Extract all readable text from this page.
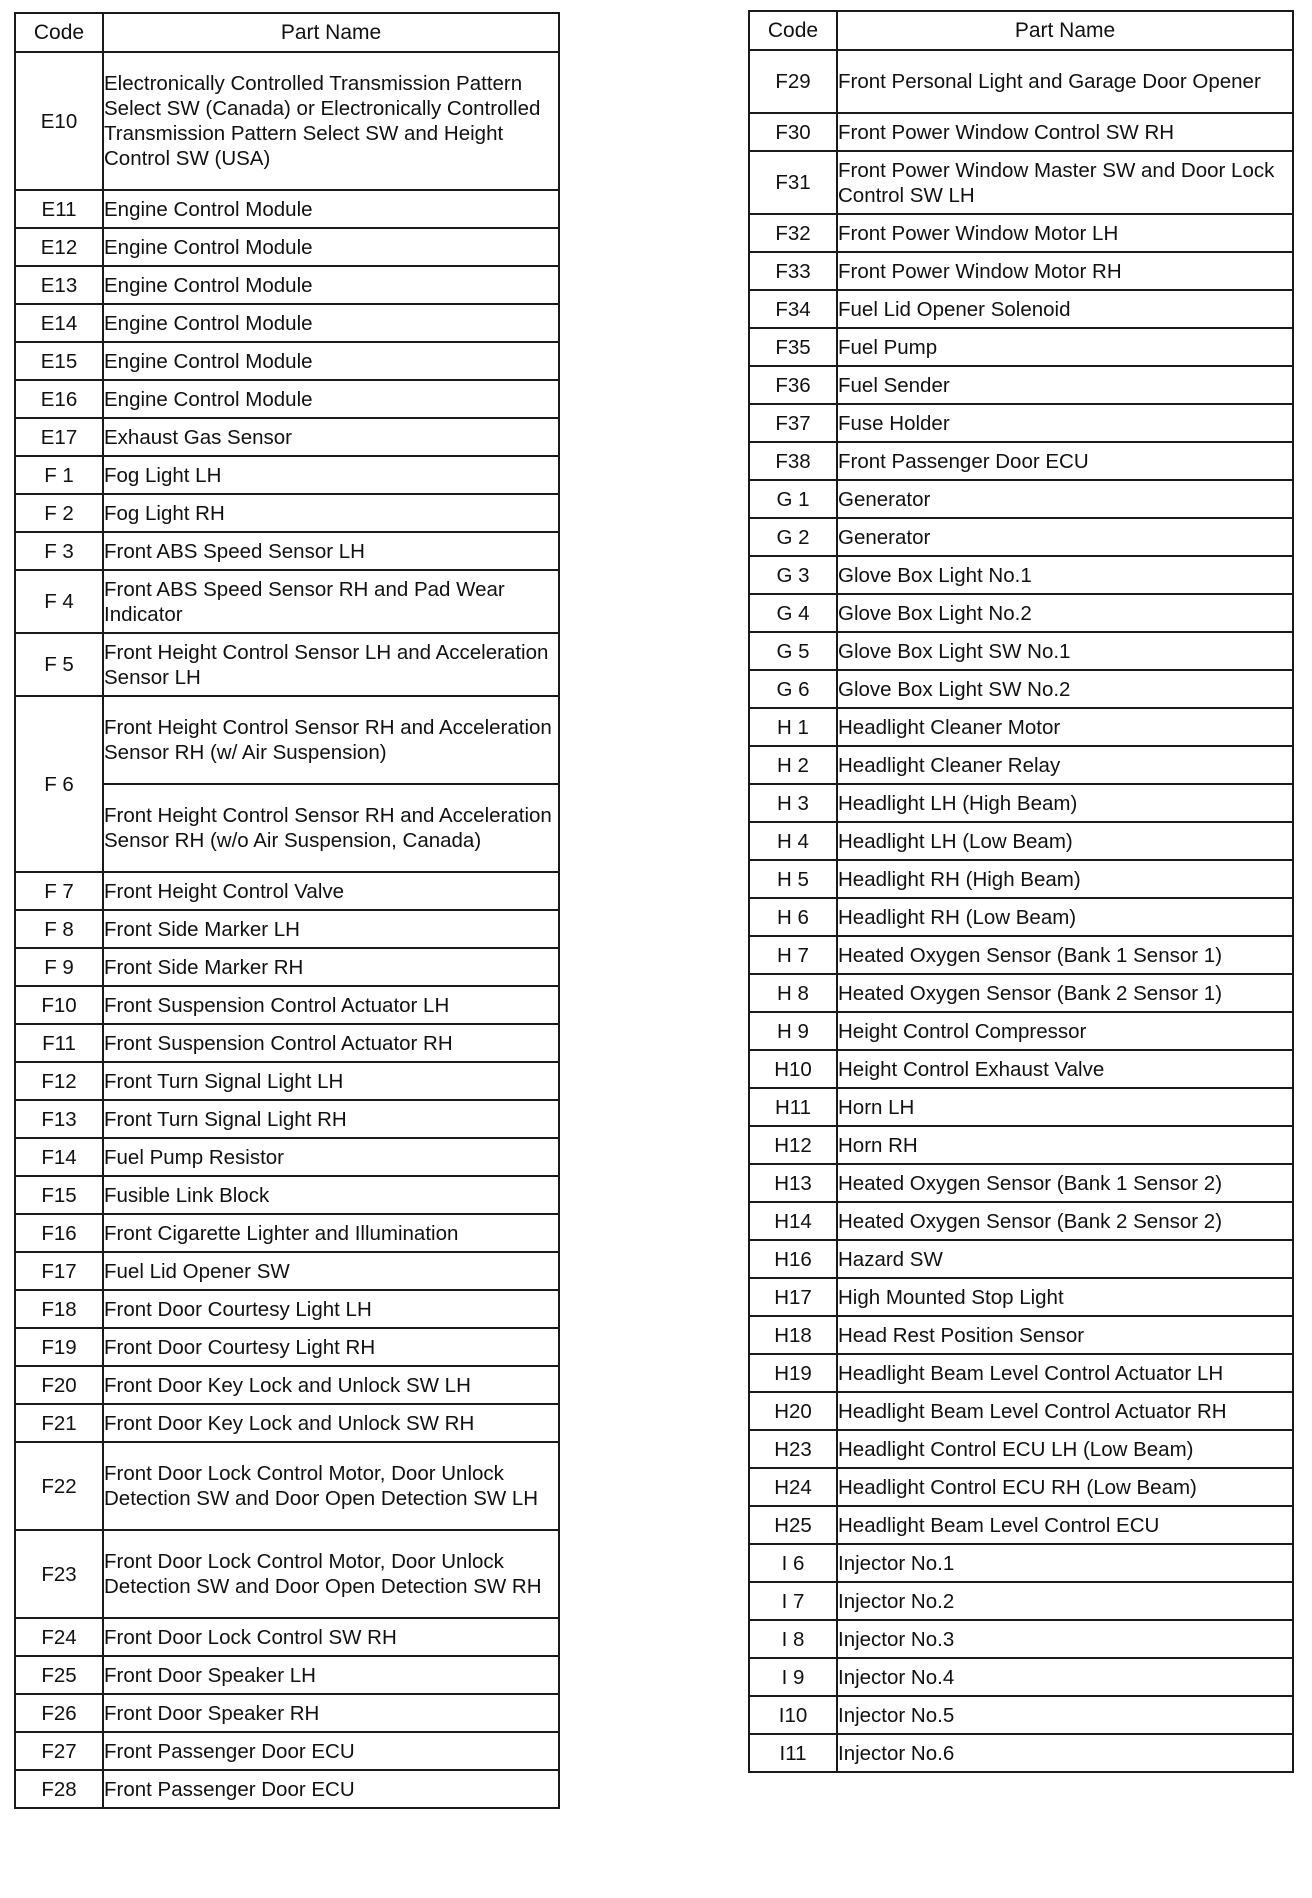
Code	Part Name
E10	Electronically Controlled Transmission Pattern Select SW (Canada) or Electronically Controlled Transmission Pattern Select SW and Height Control SW (USA)
E11	Engine Control Module
E12	Engine Control Module
E13	Engine Control Module
E14	Engine Control Module
E15	Engine Control Module
E16	Engine Control Module
E17	Exhaust Gas Sensor
F 1	Fog Light LH
F 2	Fog Light RH
F 3	Front ABS Speed Sensor LH
F 4	Front ABS Speed Sensor RH and Pad Wear Indicator
F 5	Front Height Control Sensor LH and Acceleration Sensor LH
F 6	Front Height Control Sensor RH and Acceleration Sensor RH (w/ Air Suspension)
	Front Height Control Sensor RH and Acceleration Sensor RH (w/o Air Suspension, Canada)
F 7	Front Height Control Valve
F 8	Front Side Marker LH
F 9	Front Side Marker RH
F10	Front Suspension Control Actuator LH
F11	Front Suspension Control Actuator RH
F12	Front Turn Signal Light LH
F13	Front Turn Signal Light RH
F14	Fuel Pump Resistor
F15	Fusible Link Block
F16	Front Cigarette Lighter and Illumination
F17	Fuel Lid Opener SW
F18	Front Door Courtesy Light LH
F19	Front Door Courtesy Light RH
F20	Front Door Key Lock and Unlock SW LH
F21	Front Door Key Lock and Unlock SW RH
F22	Front Door Lock Control Motor, Door Unlock Detection SW and Door Open Detection SW LH
F23	Front Door Lock Control Motor, Door Unlock Detection SW and Door Open Detection SW RH
F24	Front Door Lock Control SW RH
F25	Front Door Speaker LH
F26	Front Door Speaker RH
F27	Front Passenger Door ECU
F28	Front Passenger Door ECU
Code	Part Name
F29	Front Personal Light and Garage Door Opener
F30	Front Power Window Control SW RH
F31	Front Power Window Master SW and Door Lock Control SW LH
F32	Front Power Window Motor LH
F33	Front Power Window Motor RH
F34	Fuel Lid Opener Solenoid
F35	Fuel Pump
F36	Fuel Sender
F37	Fuse Holder
F38	Front Passenger Door ECU
G 1	Generator
G 2	Generator
G 3	Glove Box Light No.1
G 4	Glove Box Light No.2
G 5	Glove Box Light SW No.1
G 6	Glove Box Light SW No.2
H 1	Headlight Cleaner Motor
H 2	Headlight Cleaner Relay
H 3	Headlight LH (High Beam)
H 4	Headlight LH (Low Beam)
H 5	Headlight RH (High Beam)
H 6	Headlight RH (Low Beam)
H 7	Heated Oxygen Sensor (Bank 1 Sensor 1)
H 8	Heated Oxygen Sensor (Bank 2 Sensor 1)
H 9	Height Control Compressor
H10	Height Control Exhaust Valve
H11	Horn LH
H12	Horn RH
H13	Heated Oxygen Sensor (Bank 1 Sensor 2)
H14	Heated Oxygen Sensor (Bank 2 Sensor 2)
H16	Hazard SW
H17	High Mounted Stop Light
H18	Head Rest Position Sensor
H19	Headlight Beam Level Control Actuator LH
H20	Headlight Beam Level Control Actuator RH
H23	Headlight Control ECU LH (Low Beam)
H24	Headlight Control ECU RH (Low Beam)
H25	Headlight Beam Level Control ECU
I 6	Injector No.1
I 7	Injector No.2
I 8	Injector No.3
I 9	Injector No.4
I10	Injector No.5
I11	Injector No.6
